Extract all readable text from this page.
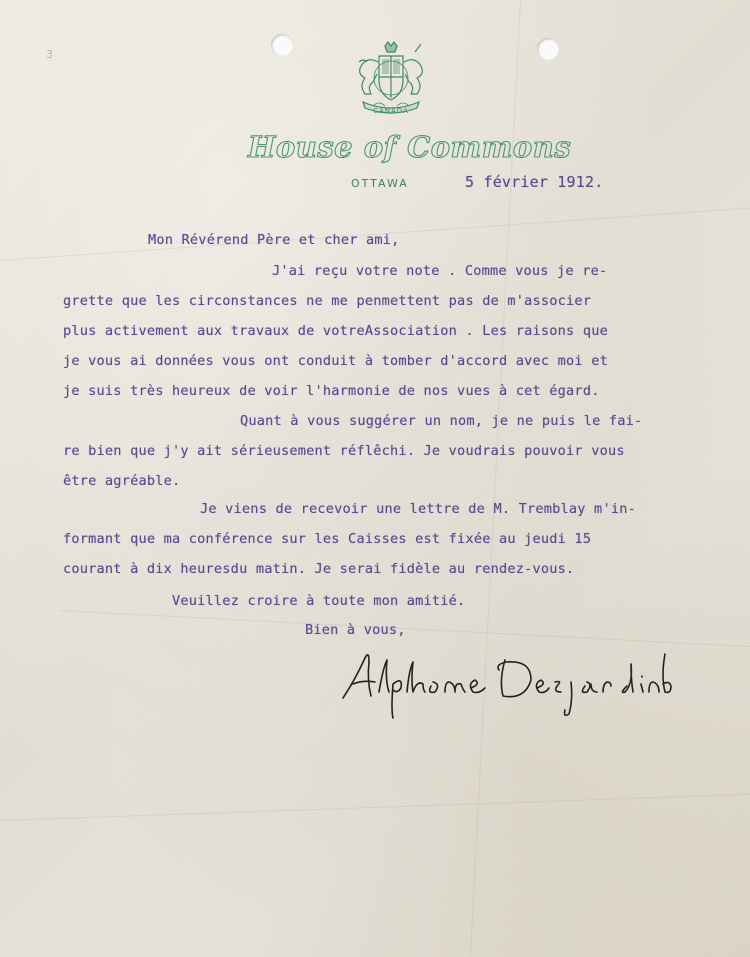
3
CANADA
House of Commons
OTTAWA	5 février 1912.
Mon Révérend Père et cher ami,
J'ai reçu votre note . Comme vous je re-
grette que les circonstances ne me penmettent pas de m'associer
plus activement aux travaux de votreAssociation . Les raisons que
je vous ai données vous ont conduit à tomber d'accord avec moi et
je suis très heureux de voir l'harmonie de nos vues à cet égard.
Quant à vous suggérer un nom, je ne puis le fai-
re bien que j'y ait sérieusement réflêchi. Je voudrais pouvoir vous
être agréable.
Je viens de recevoir une lettre de M. Tremblay m'in-
formant que ma conférence sur les Caisses est fixée au jeudi 15
courant à dix heuresdu matin. Je serai fidèle au rendez-vous.
Veuillez croire à toute mon amitié.
Bien à vous,
